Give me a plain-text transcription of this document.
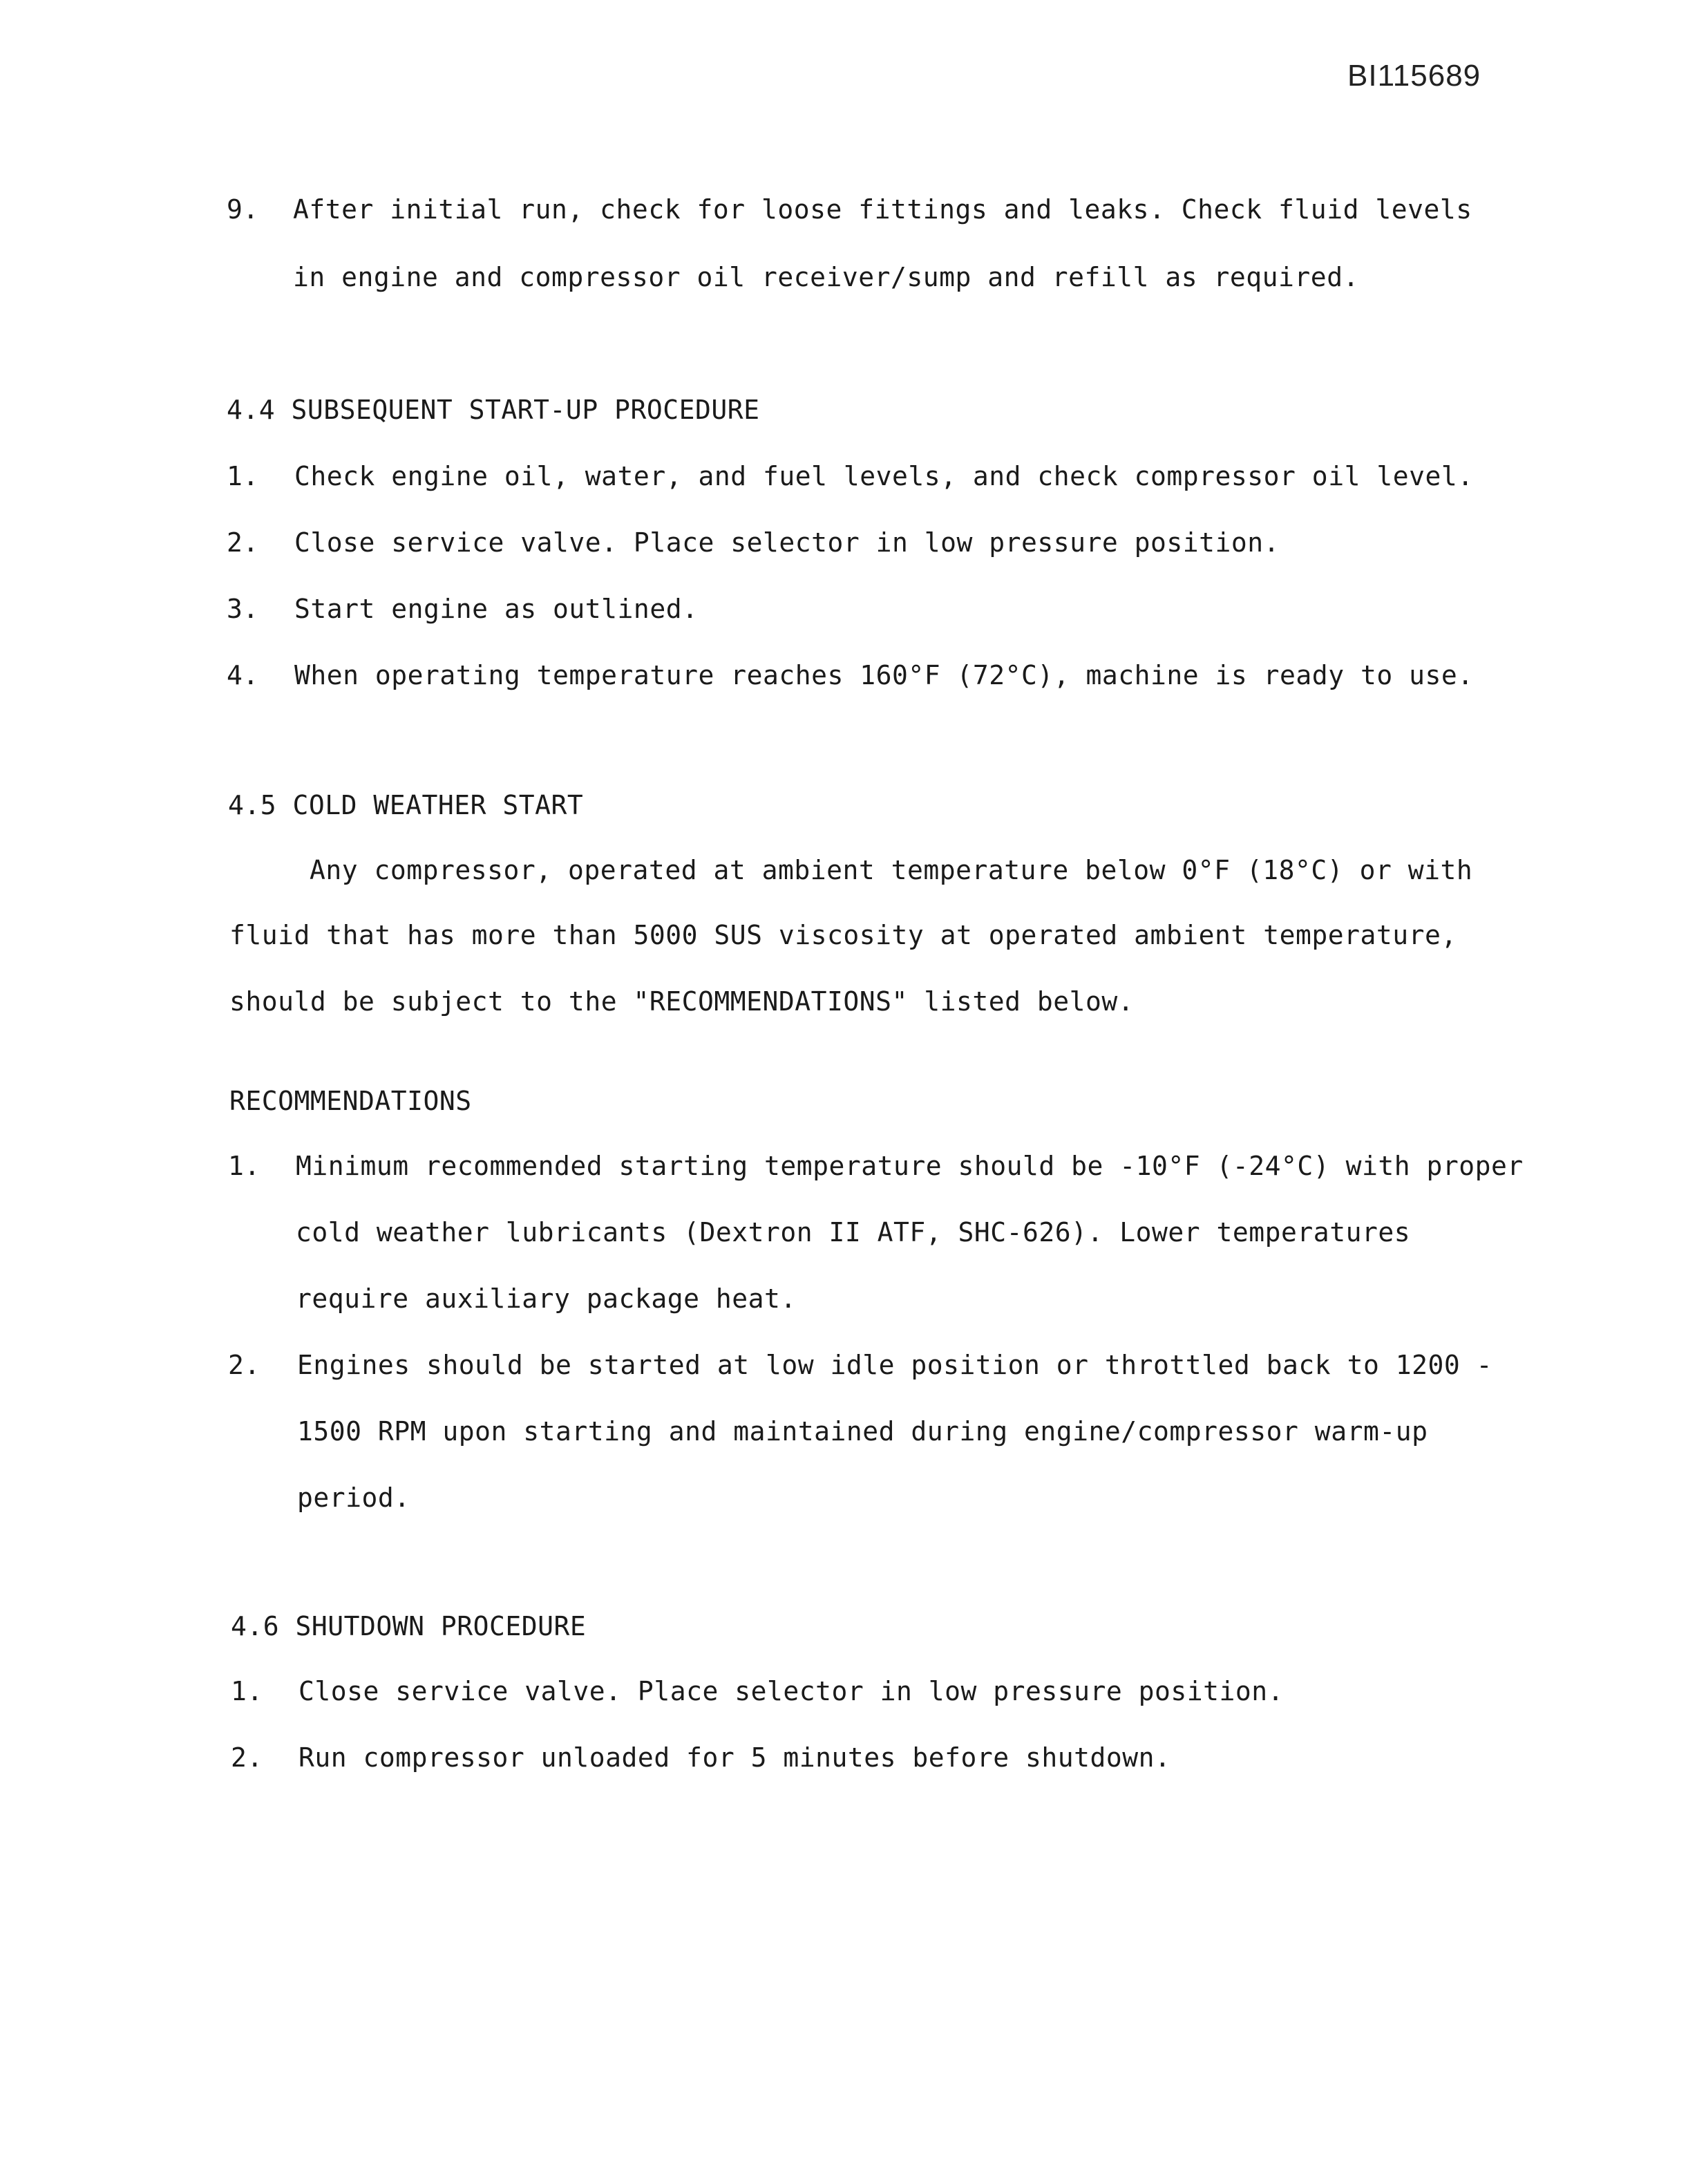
BI115689
9. After initial run, check for loose fittings and leaks. Check fluid levels
in engine and compressor oil receiver/sump and refill as required.
4.4 SUBSEQUENT START-UP PROCEDURE
1. Check engine oil, water, and fuel levels, and check compressor oil level.
2. Close service valve. Place selector in low pressure position.
3. Start engine as outlined.
4. When operating temperature reaches 160°F (72°C), machine is ready to use.
4.5 COLD WEATHER START
Any compressor, operated at ambient temperature below 0°F (18°C) or with
fluid that has more than 5000 SUS viscosity at operated ambient temperature,
should be subject to the "RECOMMENDATIONS" listed below.
RECOMMENDATIONS
1. Minimum recommended starting temperature should be -10°F (-24°C) with proper
cold weather lubricants (Dextron II ATF, SHC-626). Lower temperatures
require auxiliary package heat.
2. Engines should be started at low idle position or throttled back to 1200 -
1500 RPM upon starting and maintained during engine/compressor warm-up
period.
4.6 SHUTDOWN PROCEDURE
1. Close service valve. Place selector in low pressure position.
2. Run compressor unloaded for 5 minutes before shutdown.
